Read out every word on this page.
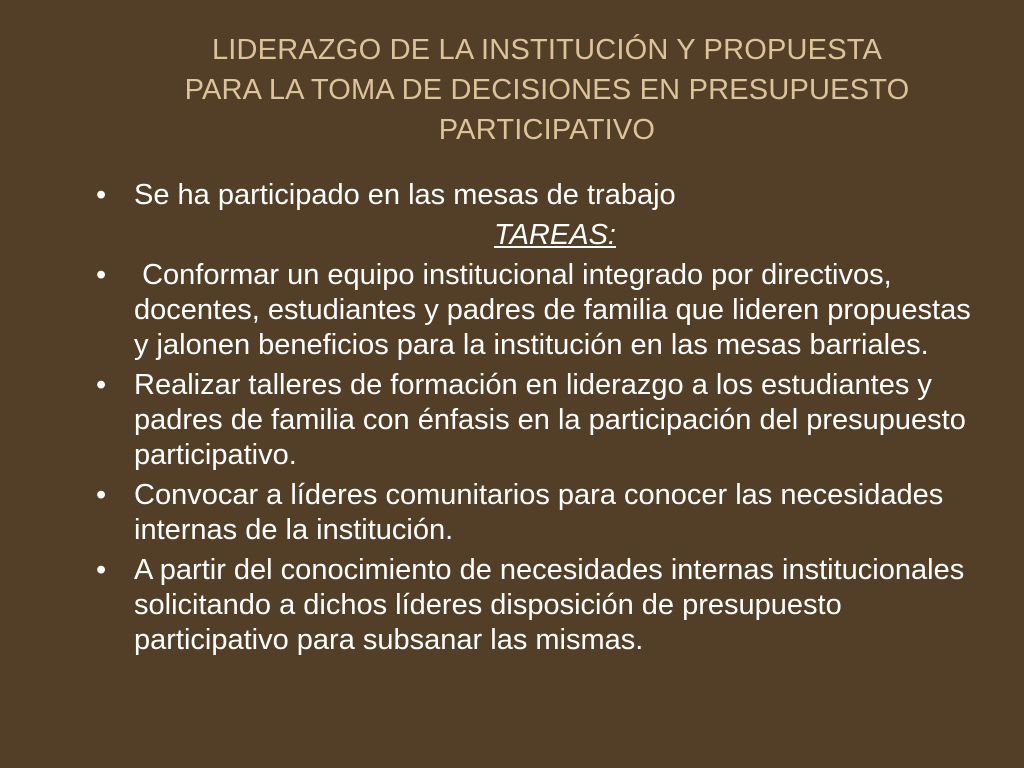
LIDERAZGO DE LA INSTITUCIÓN Y PROPUESTA
PARA LA TOMA DE DECISIONES EN PRESUPUESTO
PARTICIPATIVO
• Se ha participado en las mesas de trabajo
TAREAS:
• Conformar un equipo institucional integrado por directivos, docentes, estudiantes y padres de familia que lideren propuestas y jalonen beneficios para la institución en las mesas barriales.
• Realizar talleres de formación en liderazgo a los estudiantes y padres de familia con énfasis en la participación del presupuesto participativo.
• Convocar a líderes comunitarios para conocer las necesidades internas de la institución.
• A partir del conocimiento de necesidades internas institucionales solicitando a dichos líderes disposición de presupuesto participativo para subsanar las mismas.
